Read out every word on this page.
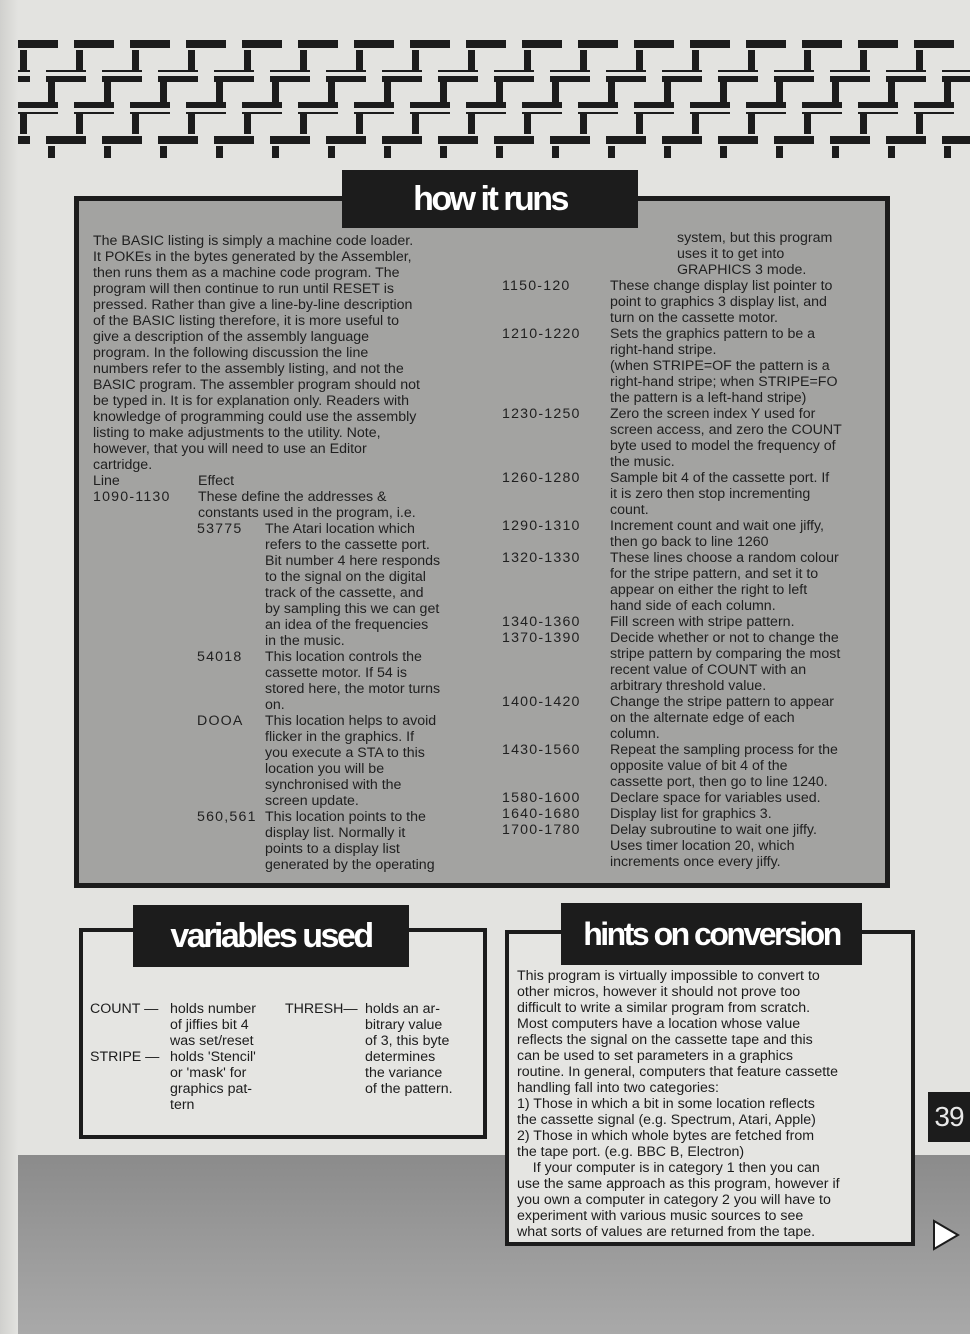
how it runs
The BASIC listing is simply a machine code loader.
It POKEs in the bytes generated by the Assembler,
then runs them as a machine code program. The
program will then continue to run until RESET is
pressed. Rather than give a line-by-line description
of the BASIC listing therefore, it is more useful to
give a description of the assembly language
program. In the following discussion the line
numbers refer to the assembly listing, and not the
BASIC program. The assembler program should not
be typed in. It is for explanation only. Readers with
knowledge of programming could use the assembly
listing to make adjustments to the utility. Note,
however, that you will need to use an Editor
cartridge.
Line	Effect
1090-1130	These define the addresses &
constants used in the program, i.e.
53775	The Atari location which
refers to the cassette port.
Bit number 4 here responds
to the signal on the digital
track of the cassette, and
by sampling this we can get
an idea of the frequencies
in the music.
54018	This location controls the
cassette motor. If 54 is
stored here, the motor turns
on.
DOOA	This location helps to avoid
flicker in the graphics. If
you execute a STA to this
location you will be
synchronised with the
screen update.
560,561 This location points to the
display list. Normally it
points to a display list
generated by the operating
system, but this program
uses it to get into
GRAPHICS 3 mode.
1150-120	These change display list pointer to
point to graphics 3 display list, and
turn on the cassette motor.
1210-1220	Sets the graphics pattern to be a
right-hand stripe.
(when STRIPE=OF the pattern is a
right-hand stripe; when STRIPE=FO
the pattern is a left-hand stripe)
1230-1250	Zero the screen index Y used for
screen access, and zero the COUNT
byte used to model the frequency of
the music.
1260-1280	Sample bit 4 of the cassette port. If
it is zero then stop incrementing
count.
1290-1310	Increment count and wait one jiffy,
then go back to line 1260
1320-1330	These lines choose a random colour
for the stripe pattern, and set it to
appear on either the right to left
hand side of each column.
1340-1360	Fill screen with stripe pattern.
1370-1390	Decide whether or not to change the
stripe pattern by comparing the most
recent value of COUNT with an
arbitrary threshold value.
1400-1420	Change the stripe pattern to appear
on the alternate edge of each
column.
1430-1560	Repeat the sampling process for the
opposite value of bit 4 of the
cassette port, then go to line 1240.
1580-1600	Declare space for variables used.
1640-1680	Display list for graphics 3.
1700-1780	Delay subroutine to wait one jiffy.
Uses timer location 20, which
increments once every jiffy.
variables used
COUNT — holds number
of jiffies bit 4
was set/reset
STRIPE — holds 'Stencil'
or 'mask' for
graphics pat-
tern
THRESH— holds an ar-
bitrary value
of 3, this byte
determines
the variance
of the pattern.
hints on conversion
This program is virtually impossible to convert to
other micros, however it should not prove too
difficult to write a similar program from scratch.
Most computers have a location whose value
reflects the signal on the cassette tape and this
can be used to set parameters in a graphics
routine. In general, computers that feature cassette
handling fall into two categories:
1) Those in which a bit in some location reflects
the cassette signal (e.g. Spectrum, Atari, Apple)
2) Those in which whole bytes are fetched from
the tape port. (e.g. BBC B, Electron)
If your computer is in category 1 then you can
use the same approach as this program, however if
you own a computer in category 2 you will have to
experiment with various music sources to see
what sorts of values are returned from the tape.
39
